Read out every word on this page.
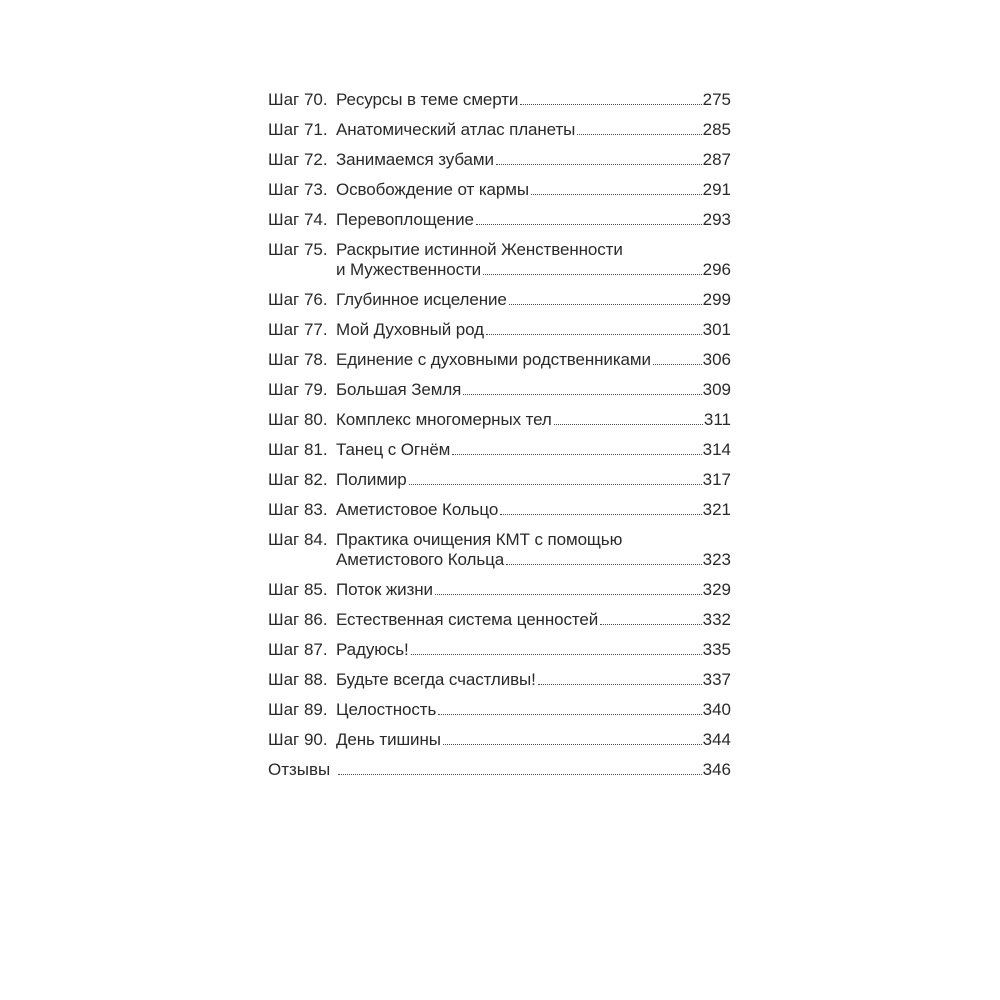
Шаг 70. Ресурсы в теме смерти	275
Шаг 71. Анатомический атлас планеты	285
Шаг 72. Занимаемся зубами	287
Шаг 73. Освобождение от кармы	291
Шаг 74. Перевоплощение	293
Шаг 75. Раскрытие истинной Женственности
и Мужественности	296
Шаг 76. Глубинное исцеление	299
Шаг 77. Мой Духовный род	301
Шаг 78. Единение с духовными родственниками	306
Шаг 79. Большая Земля	309
Шаг 80. Комплекс многомерных тел	311
Шаг 81. Танец с Огнём	314
Шаг 82. Полимир	317
Шаг 83. Аметистовое Кольцо	321
Шаг 84. Практика очищения КМТ с помощью
Аметистового Кольца	323
Шаг 85. Поток жизни	329
Шаг 86. Естественная система ценностей	332
Шаг 87. Радуюсь!	335
Шаг 88. Будьте всегда счастливы!	337
Шаг 89. Целостность	340
Шаг 90. День тишины	344
Отзывы	346
